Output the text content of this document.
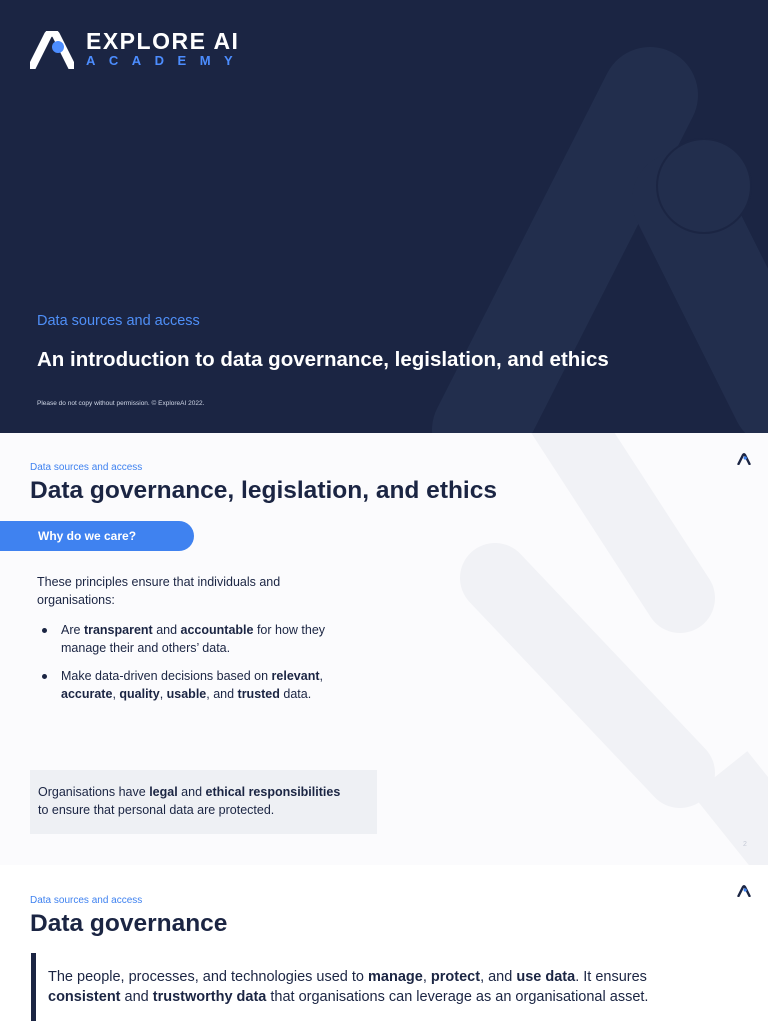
EXPLORE AI
ACADEMY
Data sources and access
An introduction to data governance, legislation, and ethics
Please do not copy without permission. © ExploreAI 2022.
Data sources and access
Data governance, legislation, and ethics
Why do we care?
These principles ensure that individuals and organisations:
Are transparent and accountable for how they manage their and others’ data.
Make data-driven decisions based on relevant, accurate, quality, usable, and trusted data.
Organisations have legal and ethical responsibilities
to ensure that personal data are protected.
2
Data sources and access
Data governance
The people, processes, and technologies used to manage, protect, and use data. It ensures
consistent and trustworthy data that organisations can leverage as an organisational asset.
